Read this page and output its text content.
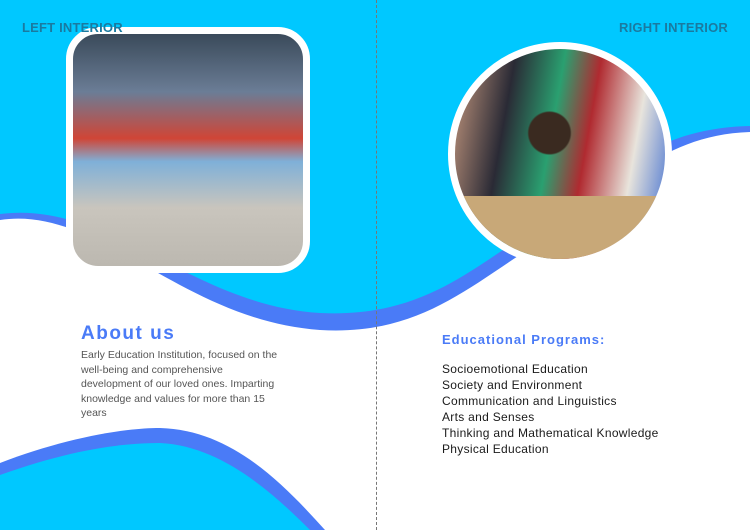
LEFT INTERIOR	RIGHT INTERIOR
About us
Early Education Institution, focused on the well-being and comprehensive development of our loved ones. Imparting knowledge and values for more than 15 years
Educational Programs:
Socioemotional Education
Society and Environment
Communication and Linguistics
Arts and Senses
Thinking and Mathematical Knowledge
Physical Education
